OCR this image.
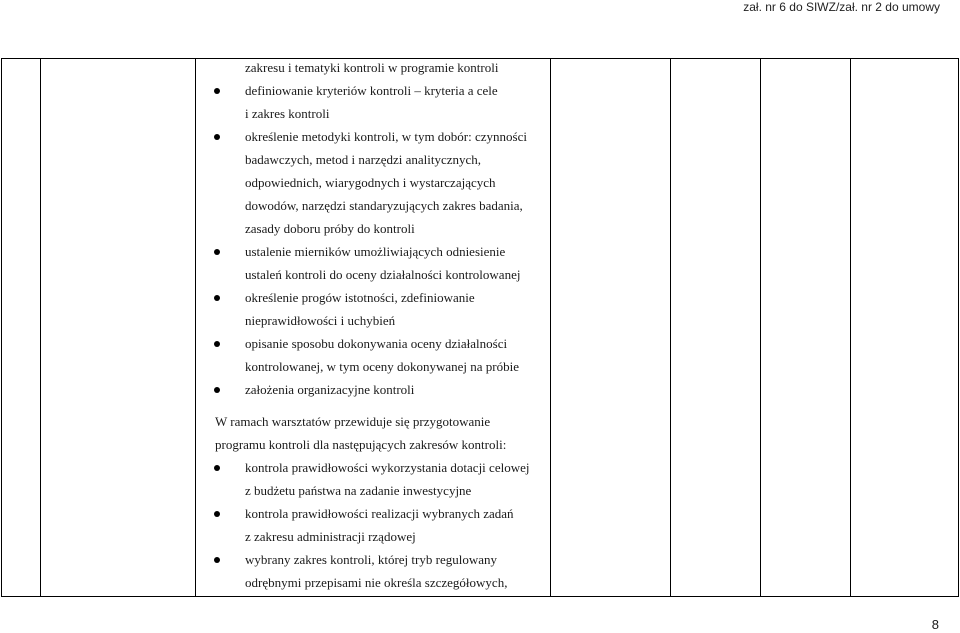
zał. nr 6 do SIWZ/zał. nr 2 do umowy
zakresu i tematyki kontroli w programie kontroli
definiowanie kryteriów kontroli – kryteria a cele
i zakres kontroli
określenie metodyki kontroli, w tym dobór: czynności
badawczych, metod i narzędzi analitycznych,
odpowiednich, wiarygodnych i wystarczających
dowodów, narzędzi standaryzujących zakres badania,
zasady doboru próby do kontroli
ustalenie mierników umożliwiających odniesienie
ustaleń kontroli do oceny działalności kontrolowanej
określenie progów istotności, zdefiniowanie
nieprawidłowości i uchybień
opisanie sposobu dokonywania oceny działalności
kontrolowanej, w tym oceny dokonywanej na próbie
założenia organizacyjne kontroli
W ramach warsztatów przewiduje się przygotowanie
programu kontroli dla następujących zakresów kontroli:
kontrola prawidłowości wykorzystania dotacji celowej
z budżetu państwa na zadanie inwestycyjne
kontrola prawidłowości realizacji wybranych zadań
z zakresu administracji rządowej
wybrany zakres kontroli, której tryb regulowany
odrębnymi przepisami nie określa szczegółowych,
8
